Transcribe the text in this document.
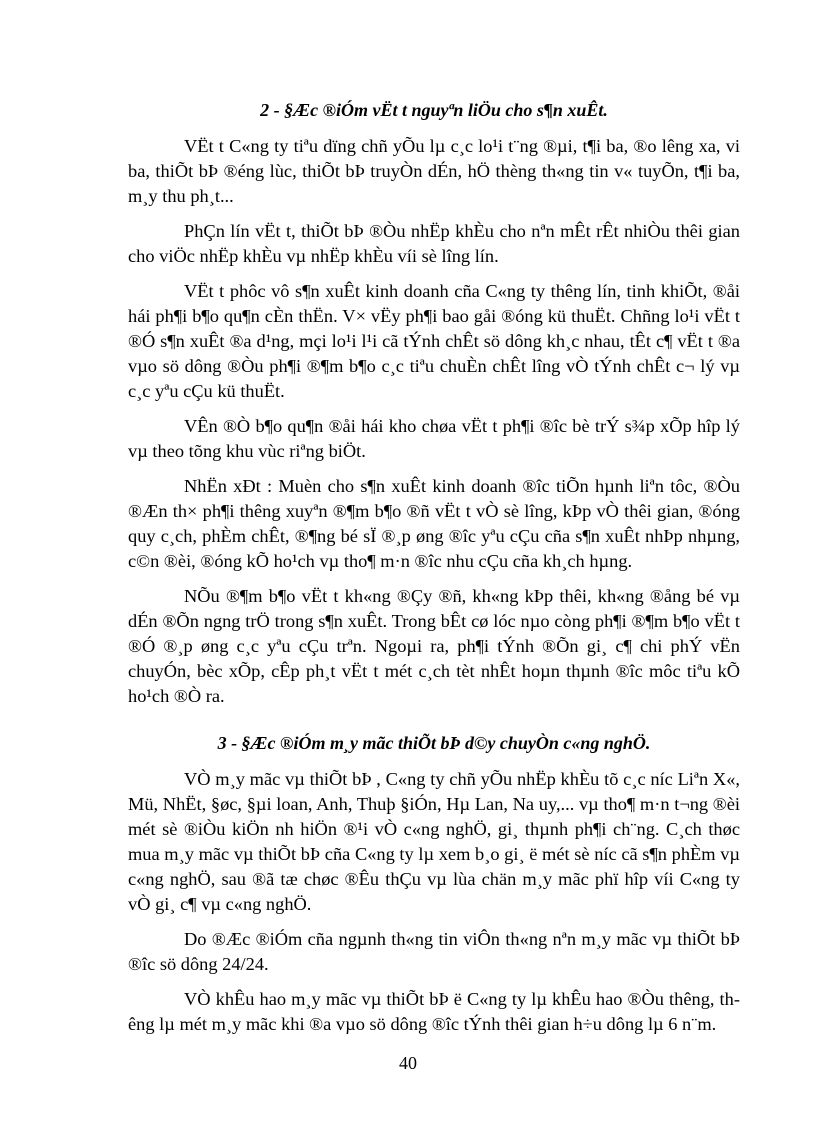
2 - §Æc ®iÓm vËt t nguyªn liÖu cho s¶n xuÊt.

VËt t C«ng ty tiªu dïng chñ yÕu lµ c¸c lo¹i t¨ng ®µi, t¶i ba, ®o lêng xa, vi ba, thiÕt bÞ ®éng lùc, thiÕt bÞ truyÒn dÉn, hÖ thèng th«ng tin v« tuyÕn, t¶i ba, m¸y thu ph¸t...

PhÇn lín vËt t, thiÕt bÞ ®Òu nhËp khÈu cho nªn mÊt rÊt nhiÒu thêi gian cho viÖc nhËp khÈu vµ nhËp khÈu víi sè lîng lín.

VËt t phôc vô s¶n xuÊt kinh doanh cña C«ng ty thêng lín, tinh khiÕt, ®åi hái ph¶i b¶o qu¶n cÈn thËn. V× vËy ph¶i bao gåi ®óng kü thuËt. Chñng lo¹i vËt t ®Ó s¶n xuÊt ®a d¹ng, mçi lo¹i l¹i cã tÝnh chÊt sö dông kh¸c nhau, tÊt c¶ vËt t ®a vµo sö dông ®Òu ph¶i ®¶m b¶o c¸c tiªu chuÈn chÊt lîng vÒ tÝnh chÊt c¬ lý vµ c¸c yªu cÇu kü thuËt.

VÊn ®Ò b¶o qu¶n ®åi hái kho chøa vËt t ph¶i ®îc bè trÝ s¾p xÕp hîp lý vµ theo tõng khu vùc riªng biÖt.

NhËn xÐt : Muèn cho s¶n xuÊt kinh doanh ®îc tiÕn hµnh liªn tôc, ®Òu ®Æn th× ph¶i thêng xuyªn ®¶m b¶o ®ñ vËt t vÒ sè lîng, kÞp vÒ thêi gian, ®óng quy c¸ch, phÈm chÊt, ®¶ng bé sÏ ®¸p øng ®îc yªu cÇu cña s¶n xuÊt nhÞp nhµng, c©n ®èi, ®óng kÕ ho¹ch vµ tho¶ m·n ®îc nhu cÇu cña kh¸ch hµng.

NÕu ®¶m b¶o vËt t kh«ng ®Çy ®ñ, kh«ng kÞp thêi, kh«ng ®ång bé vµ dÉn ®Õn ngng trÖ trong s¶n xuÊt. Trong bÊt cø lóc nµo còng ph¶i ®¶m b¶o vËt t ®Ó ®¸p øng c¸c yªu cÇu trªn. Ngoµi ra, ph¶i tÝnh ®Õn gi¸ c¶ chi phÝ vËn chuyÓn, bèc xÕp, cÊp ph¸t vËt t mét c¸ch tèt nhÊt hoµn thµnh ®îc môc tiªu kÕ ho¹ch ®Ò ra.

3 - §Æc ®iÓm m¸y mãc thiÕt bÞ d©y chuyÒn c«ng nghÖ.

VÒ m¸y mãc vµ thiÕt bÞ , C«ng ty chñ yÕu nhËp khÈu tõ c¸c níc Liªn X«, Mü, NhËt, §øc, §µi loan, Anh, Thuþ §iÓn, Hµ Lan, Na uy,... vµ tho¶ m·n t¬ng ®èi mét sè ®iÒu kiÖn nh hiÖn ®¹i vÒ c«ng nghÖ, gi¸ thµnh ph¶i ch¨ng. C¸ch thøc mua m¸y mãc vµ thiÕt bÞ cña C«ng ty lµ xem b¸o gi¸ ë mét sè níc cã s¶n phÈm vµ c«ng nghÖ, sau ®ã tæ chøc ®Êu thÇu vµ lùa chän m¸y mãc phï hîp víi C«ng ty vÒ gi¸ c¶ vµ c«ng nghÖ.

Do ®Æc ®iÓm cña ngµnh th«ng tin viÔn th«ng nªn m¸y mãc vµ thiÕt bÞ ®îc sö dông 24/24.

VÒ khÊu hao m¸y mãc vµ thiÕt bÞ ë C«ng ty lµ khÊu hao ®Òu thêng, thêng lµ mét m¸y mãc khi ®a vµo sö dông ®îc tÝnh thêi gian h÷u dông lµ 6 n¨m.

40
